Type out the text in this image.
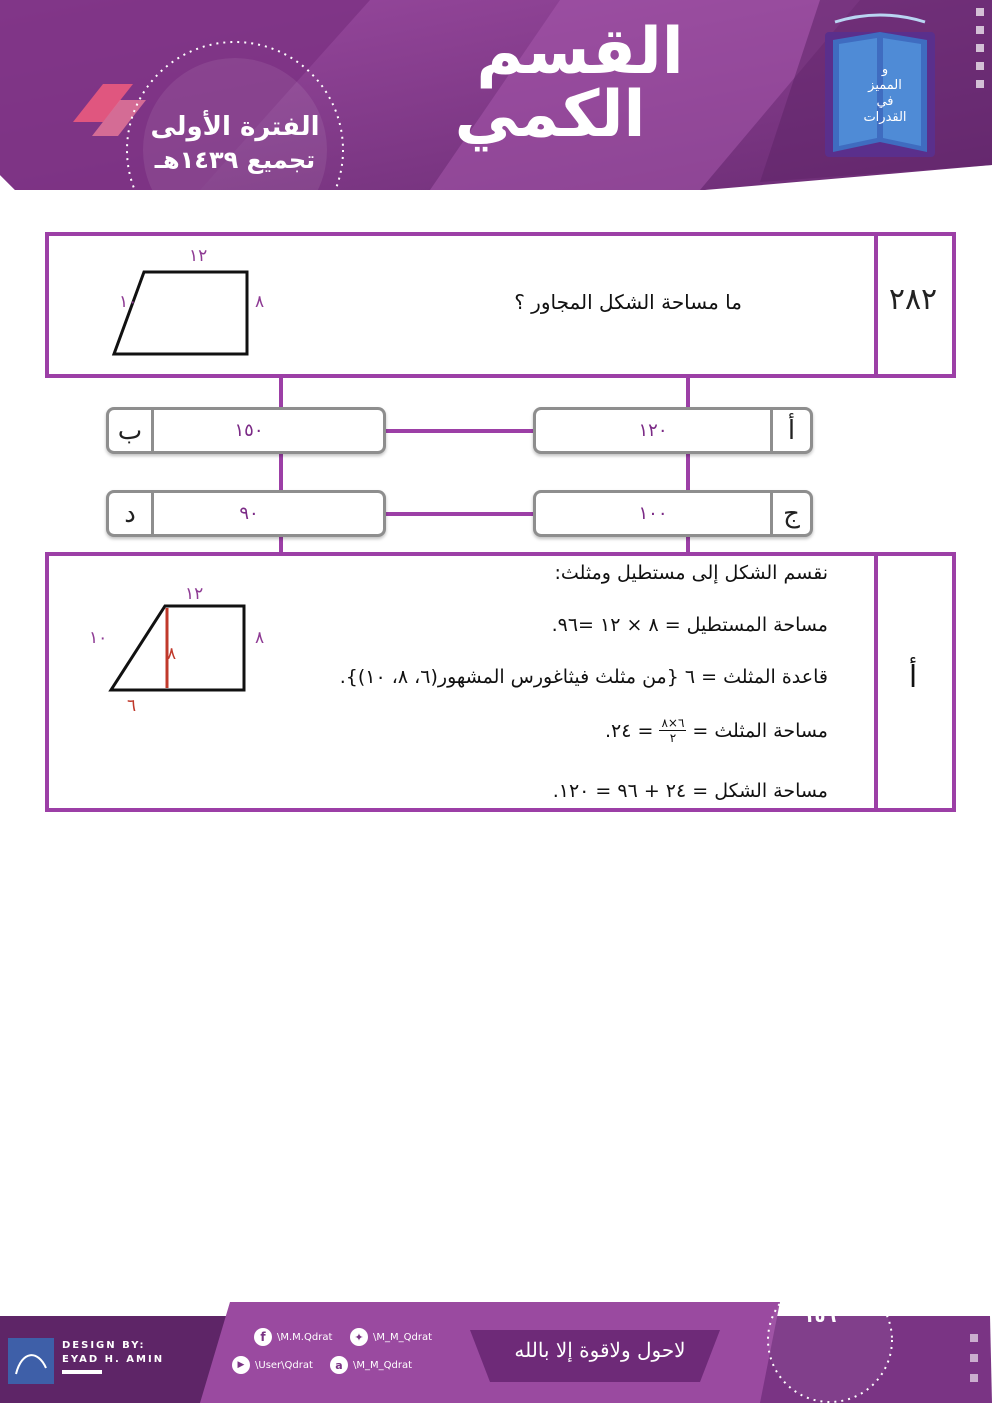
القسم
الكمي
الفترة الأولى
تجميع ١٤٣٩هـ
و
المميز
في
القدرات
٢٨٢
ما مساحة الشكل المجاور ؟
١٢
١٠	٨
١٢٠	أ
ب	١٥٠
١٠٠	ج
د	٩٠
أ
نقسم الشكل إلى مستطيل ومثلث:
مساحة المستطيل = ٨ × ١٢ =٩٦.
قاعدة المثلث = ٦ {من مثلث فيثاغورس المشهور(٦، ٨، ١٠)}.
مساحة المثلث =
٦×٨
٢
= ٢٤.
مساحة الشكل = ٢٤ + ٩٦ = ١٢٠.
١٢
١٠	٨
٨
٦
DESIGN BY:
EYAD H. AMIN
f	\M.M.Qdrat	✦ \M_M_Qdrat
▶	\User\Qdrat	a	\M_M_Qdrat
لاحول ولاقوة إلا بالله
١٥٦
